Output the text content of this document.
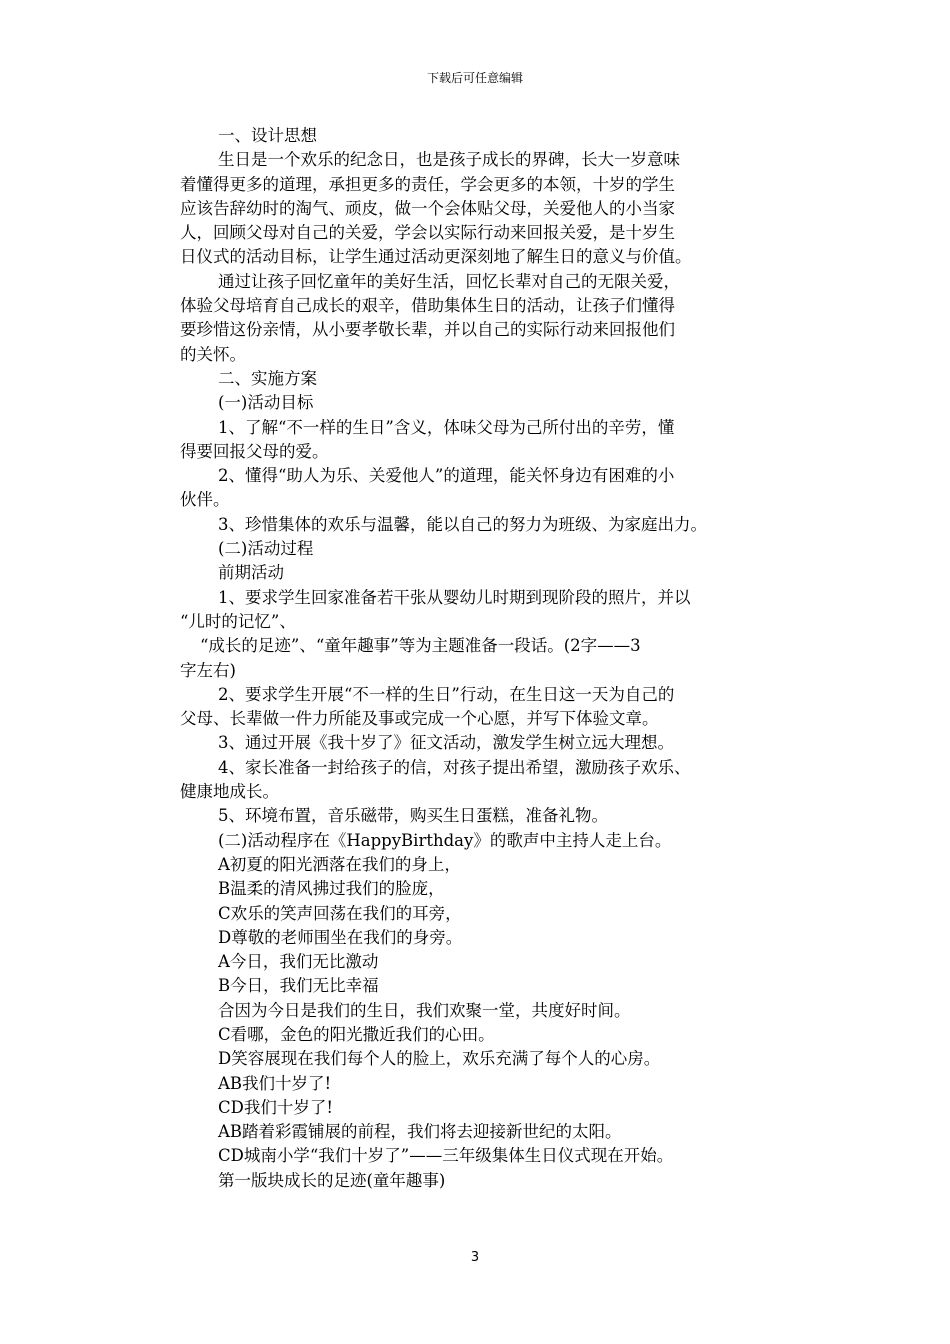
下载后可任意编辑
一、设计思想
生日是一个欢乐的纪念日，也是孩子成长的界碑，长大一岁意味
着懂得更多的道理，承担更多的责任，学会更多的本领，十岁的学生
应该告辞幼时的淘气、顽皮，做一个会体贴父母，关爱他人的小当家
人，回顾父母对自己的关爱，学会以实际行动来回报关爱，是十岁生
日仪式的活动目标，让学生通过活动更深刻地了解生日的意义与价值。
通过让孩子回忆童年的美好生活，回忆长辈对自己的无限关爱，
体验父母培育自己成长的艰辛，借助集体生日的活动，让孩子们懂得
要珍惜这份亲情，从小要孝敬长辈，并以自己的实际行动来回报他们
的关怀。
二、实施方案
(一)活动目标
1、了解“不一样的生日”含义，体味父母为己所付出的辛劳，懂
得要回报父母的爱。
2、懂得“助人为乐、关爱他人”的道理，能关怀身边有困难的小
伙伴。
3、珍惜集体的欢乐与温馨，能以自己的努力为班级、为家庭出力。
(二)活动过程
前期活动
1、要求学生回家准备若干张从婴幼儿时期到现阶段的照片，并以
“儿时的记忆”、
“成长的足迹”、“童年趣事”等为主题准备一段话。(2字——3
字左右)
2、要求学生开展“不一样的生日”行动，在生日这一天为自己的
父母、长辈做一件力所能及事或完成一个心愿，并写下体验文章。
3、通过开展《我十岁了》征文活动，激发学生树立远大理想。
4、家长准备一封给孩子的信，对孩子提出希望，激励孩子欢乐、
健康地成长。
5、环境布置，音乐磁带，购买生日蛋糕，准备礼物。
(二)活动程序在《HappyBirthday》的歌声中主持人走上台。
A初夏的阳光洒落在我们的身上，
B温柔的清风拂过我们的脸庞，
C欢乐的笑声回荡在我们的耳旁，
D尊敬的老师围坐在我们的身旁。
A今日，我们无比激动
B今日，我们无比幸福
合因为今日是我们的生日，我们欢聚一堂，共度好时间。
C看哪，金色的阳光撒近我们的心田。
D笑容展现在我们每个人的脸上，欢乐充满了每个人的心房。
AB我们十岁了!
CD我们十岁了!
AB踏着彩霞铺展的前程，我们将去迎接新世纪的太阳。
CD城南小学“我们十岁了”——三年级集体生日仪式现在开始。
第一版块成长的足迹(童年趣事)
3
